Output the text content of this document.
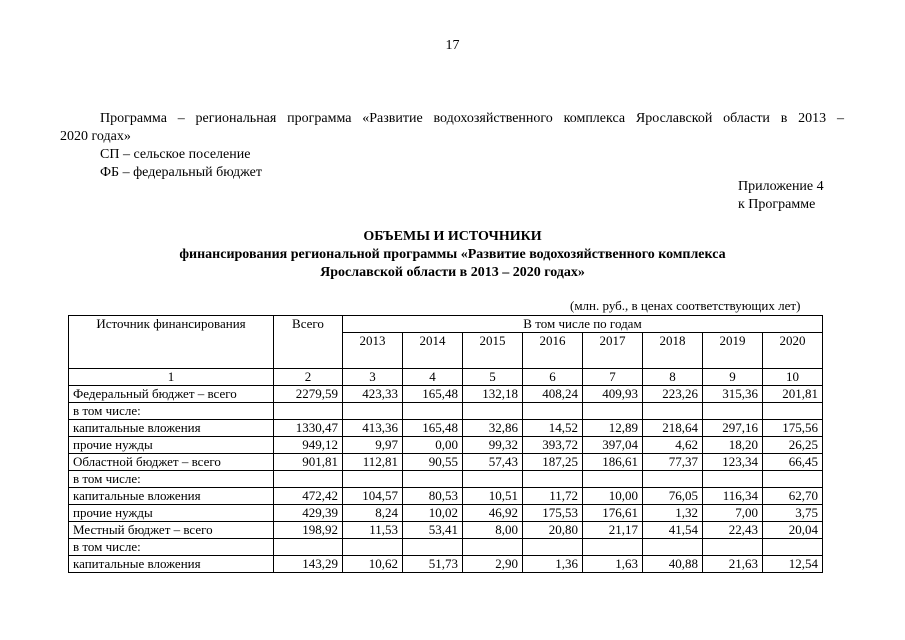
17
Программа – региональная программа «Развитие водохозяйственного комплекса Ярославской области в 2013 –
2020 годах»
СП – сельское поселение
ФБ – федеральный бюджет
Приложение 4
к Программе
ОБЪЕМЫ И ИСТОЧНИКИ
финансирования региональной программы «Развитие водохозяйственного комплекса
Ярославской области в 2013 – 2020 годах»
(млн. руб., в ценах соответствующих лет)
Источник финансирования	Всего	В том числе по годам							
		2013	2014	2015	2016	2017	2018	2019	2020
1	2	3	4	5	6	7	8	9	10
Федеральный бюджет – всего	2279,59	423,33	165,48	132,18	408,24	409,93	223,26	315,36	201,81
в том числе:									
капитальные вложения	1330,47	413,36	165,48	32,86	14,52	12,89	218,64	297,16	175,56
прочие нужды	949,12	9,97	0,00	99,32	393,72	397,04	4,62	18,20	26,25
Областной бюджет – всего	901,81	112,81	90,55	57,43	187,25	186,61	77,37	123,34	66,45
в том числе:									
капитальные вложения	472,42	104,57	80,53	10,51	11,72	10,00	76,05	116,34	62,70
прочие нужды	429,39	8,24	10,02	46,92	175,53	176,61	1,32	7,00	3,75
Местный бюджет – всего	198,92	11,53	53,41	8,00	20,80	21,17	41,54	22,43	20,04
в том числе:									
капитальные вложения	143,29	10,62	51,73	2,90	1,36	1,63	40,88	21,63	12,54
